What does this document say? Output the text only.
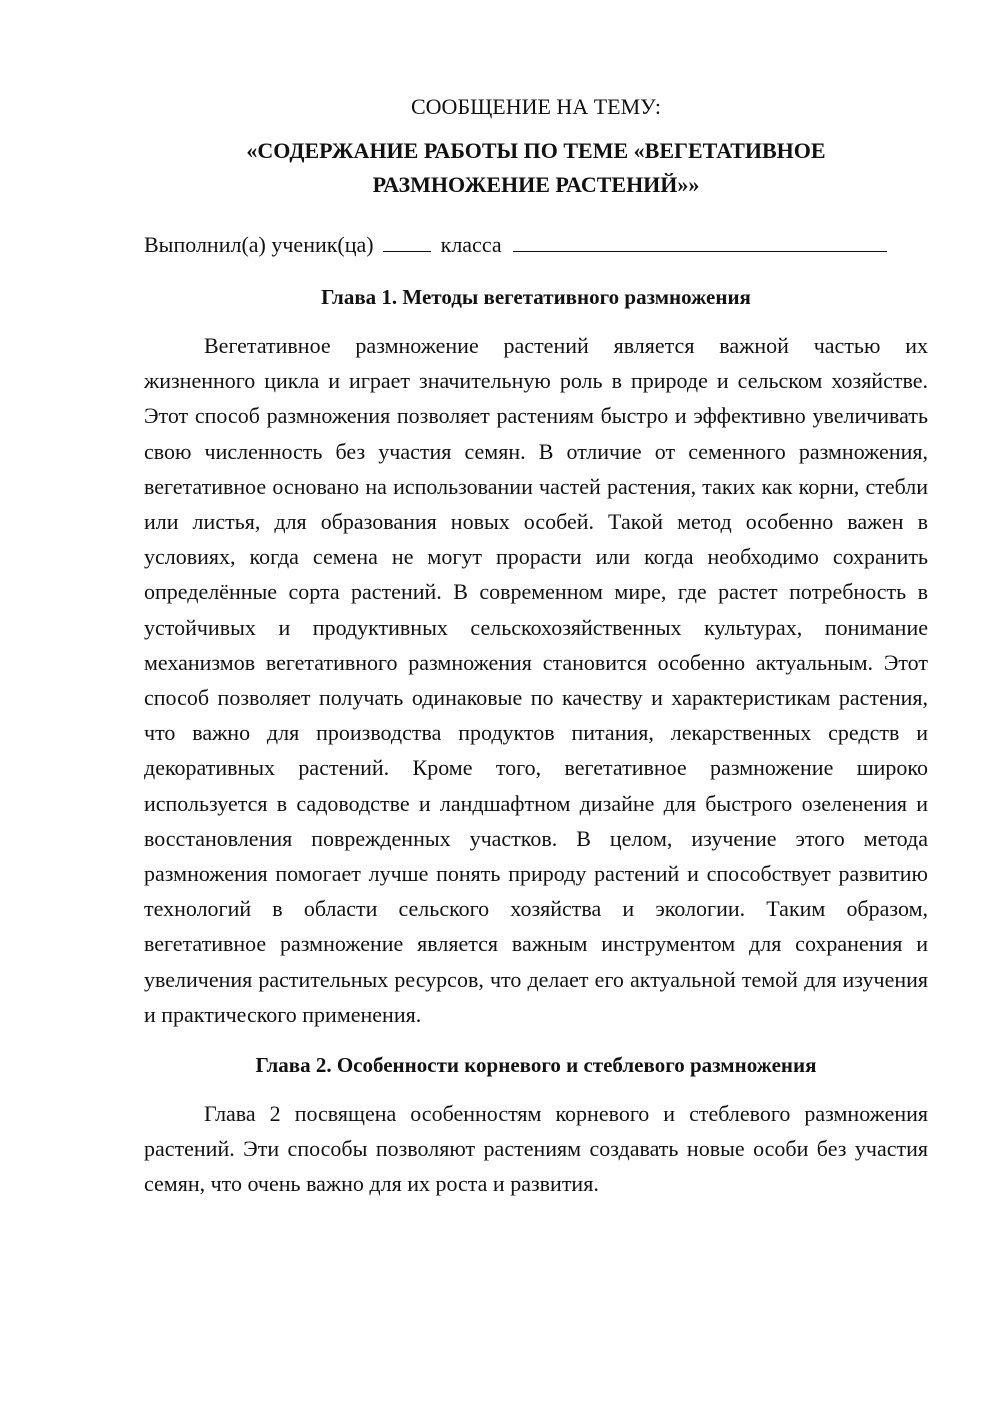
СООБЩЕНИЕ НА ТЕМУ:
«СОДЕРЖАНИЕ РАБОТЫ ПО ТЕМЕ «ВЕГЕТАТИВНОЕ
РАЗМНОЖЕНИЕ РАСТЕНИЙ»»
Выполнил(а) ученик(ца)	класса
Глава 1. Методы вегетативного размножения

Вегетативное размножение растений является важной частью их жизненного цикла и играет значительную роль в природе и сельском хозяйстве. Этот способ размножения позволяет растениям быстро и эффективно увеличивать свою численность без участия семян. В отличие от семенного размножения, вегетативное основано на использовании частей растения, таких как корни, стебли или листья, для образования новых особей. Такой метод особенно важен в условиях, когда семена не могут прорасти или когда необходимо сохранить определённые сорта растений. В современном мире, где растет потребность в устойчивых и продуктивных сельскохозяйственных культурах, понимание механизмов вегетативного размножения становится особенно актуальным. Этот способ позволяет получать одинаковые по качеству и характеристикам растения, что важно для производства продуктов питания, лекарственных средств и декоративных растений. Кроме того, вегетативное размножение широко используется в садоводстве и ландшафтном дизайне для быстрого озеленения и восстановления поврежденных участков. В целом, изучение этого метода размножения помогает лучше понять природу растений и способствует развитию технологий в области сельского хозяйства и экологии. Таким образом, вегетативное размножение является важным инструментом для сохранения и увеличения растительных ресурсов, что делает его актуальной темой для изучения и практического применения.

Глава 2. Особенности корневого и стеблевого размножения

Глава 2 посвящена особенностям корневого и стеблевого размножения растений. Эти способы позволяют растениям создавать новые особи без участия семян, что очень важно для их роста и развития.
